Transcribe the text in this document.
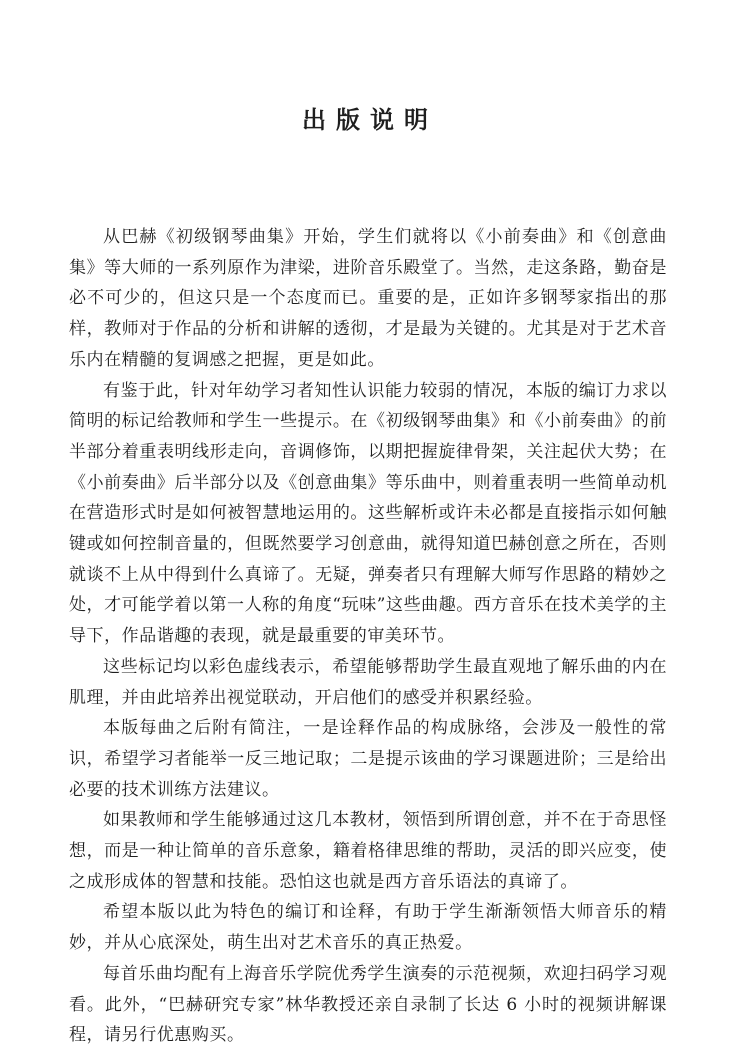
出版说明

从巴赫《初级钢琴曲集》开始，学生们就将以《小前奏曲》和《创意曲集》等大师的一系列原作为津梁，进阶音乐殿堂了。当然，走这条路，勤奋是必不可少的，但这只是一个态度而已。重要的是，正如许多钢琴家指出的那样，教师对于作品的分析和讲解的透彻，才是最为关键的。尤其是对于艺术音乐内在精髓的复调感之把握，更是如此。

有鉴于此，针对年幼学习者知性认识能力较弱的情况，本版的编订力求以简明的标记给教师和学生一些提示。在《初级钢琴曲集》和《小前奏曲》的前半部分着重表明线形走向，音调修饰，以期把握旋律骨架，关注起伏大势；在《小前奏曲》后半部分以及《创意曲集》等乐曲中，则着重表明一些简单动机在营造形式时是如何被智慧地运用的。这些解析或许未必都是直接指示如何触键或如何控制音量的，但既然要学习创意曲，就得知道巴赫创意之所在，否则就谈不上从中得到什么真谛了。无疑，弹奏者只有理解大师写作思路的精妙之处，才可能学着以第一人称的角度“玩味”这些曲趣。西方音乐在技术美学的主导下，作品谐趣的表现，就是最重要的审美环节。

这些标记均以彩色虚线表示，希望能够帮助学生最直观地了解乐曲的内在肌理，并由此培养出视觉联动，开启他们的感受并积累经验。

本版每曲之后附有简注，一是诠释作品的构成脉络，会涉及一般性的常识，希望学习者能举一反三地记取；二是提示该曲的学习课题进阶；三是给出必要的技术训练方法建议。

如果教师和学生能够通过这几本教材，领悟到所谓创意，并不在于奇思怪想，而是一种让简单的音乐意象，籍着格律思维的帮助，灵活的即兴应变，使之成形成体的智慧和技能。恐怕这也就是西方音乐语法的真谛了。

希望本版以此为特色的编订和诠释，有助于学生渐渐领悟大师音乐的精妙，并从心底深处，萌生出对艺术音乐的真正热爱。

每首乐曲均配有上海音乐学院优秀学生演奏的示范视频，欢迎扫码学习观看。此外，“巴赫研究专家”林华教授还亲自录制了长达 6 小时的视频讲解课程，请另行优惠购买。
